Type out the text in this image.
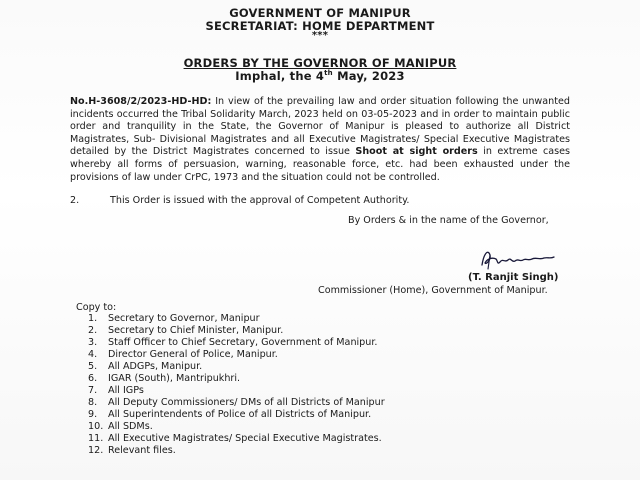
GOVERNMENT OF MANIPUR
SECRETARIAT: HOME DEPARTMENT
***
ORDERS BY THE GOVERNOR OF MANIPUR
Imphal, the 4th May, 2023
No.H-3608/2/2023-HD-HD: In view of the prevailing law and order situation following the unwanted incidents occurred the Tribal Solidarity March, 2023 held on 03-05-2023 and in order to maintain public order and tranquility in the State, the Governor of Manipur is pleased to authorize all District Magistrates, Sub- Divisional Magistrates and all Executive Magistrates/ Special Executive Magistrates detailed by the District Magistrates concerned to issue Shoot at sight orders in extreme cases whereby all forms of persuasion, warning, reasonable force, etc. had been exhausted under the provisions of law under CrPC, 1973 and the situation could not be controlled.
2.	This Order is issued with the approval of Competent Authority.
By Orders & in the name of the Governor,
(T. Ranjit Singh)
Commissioner (Home), Government of Manipur.
Copy to:
1. Secretary to Governor, Manipur
2. Secretary to Chief Minister, Manipur.
3. Staff Officer to Chief Secretary, Government of Manipur.
4. Director General of Police, Manipur.
5. All ADGPs, Manipur.
6. IGAR (South), Mantripukhri.
7. All IGPs
8. All Deputy Commissioners/ DMs of all Districts of Manipur
9. All Superintendents of Police of all Districts of Manipur.
10. All SDMs.
11. All Executive Magistrates/ Special Executive Magistrates.
12. Relevant files.
